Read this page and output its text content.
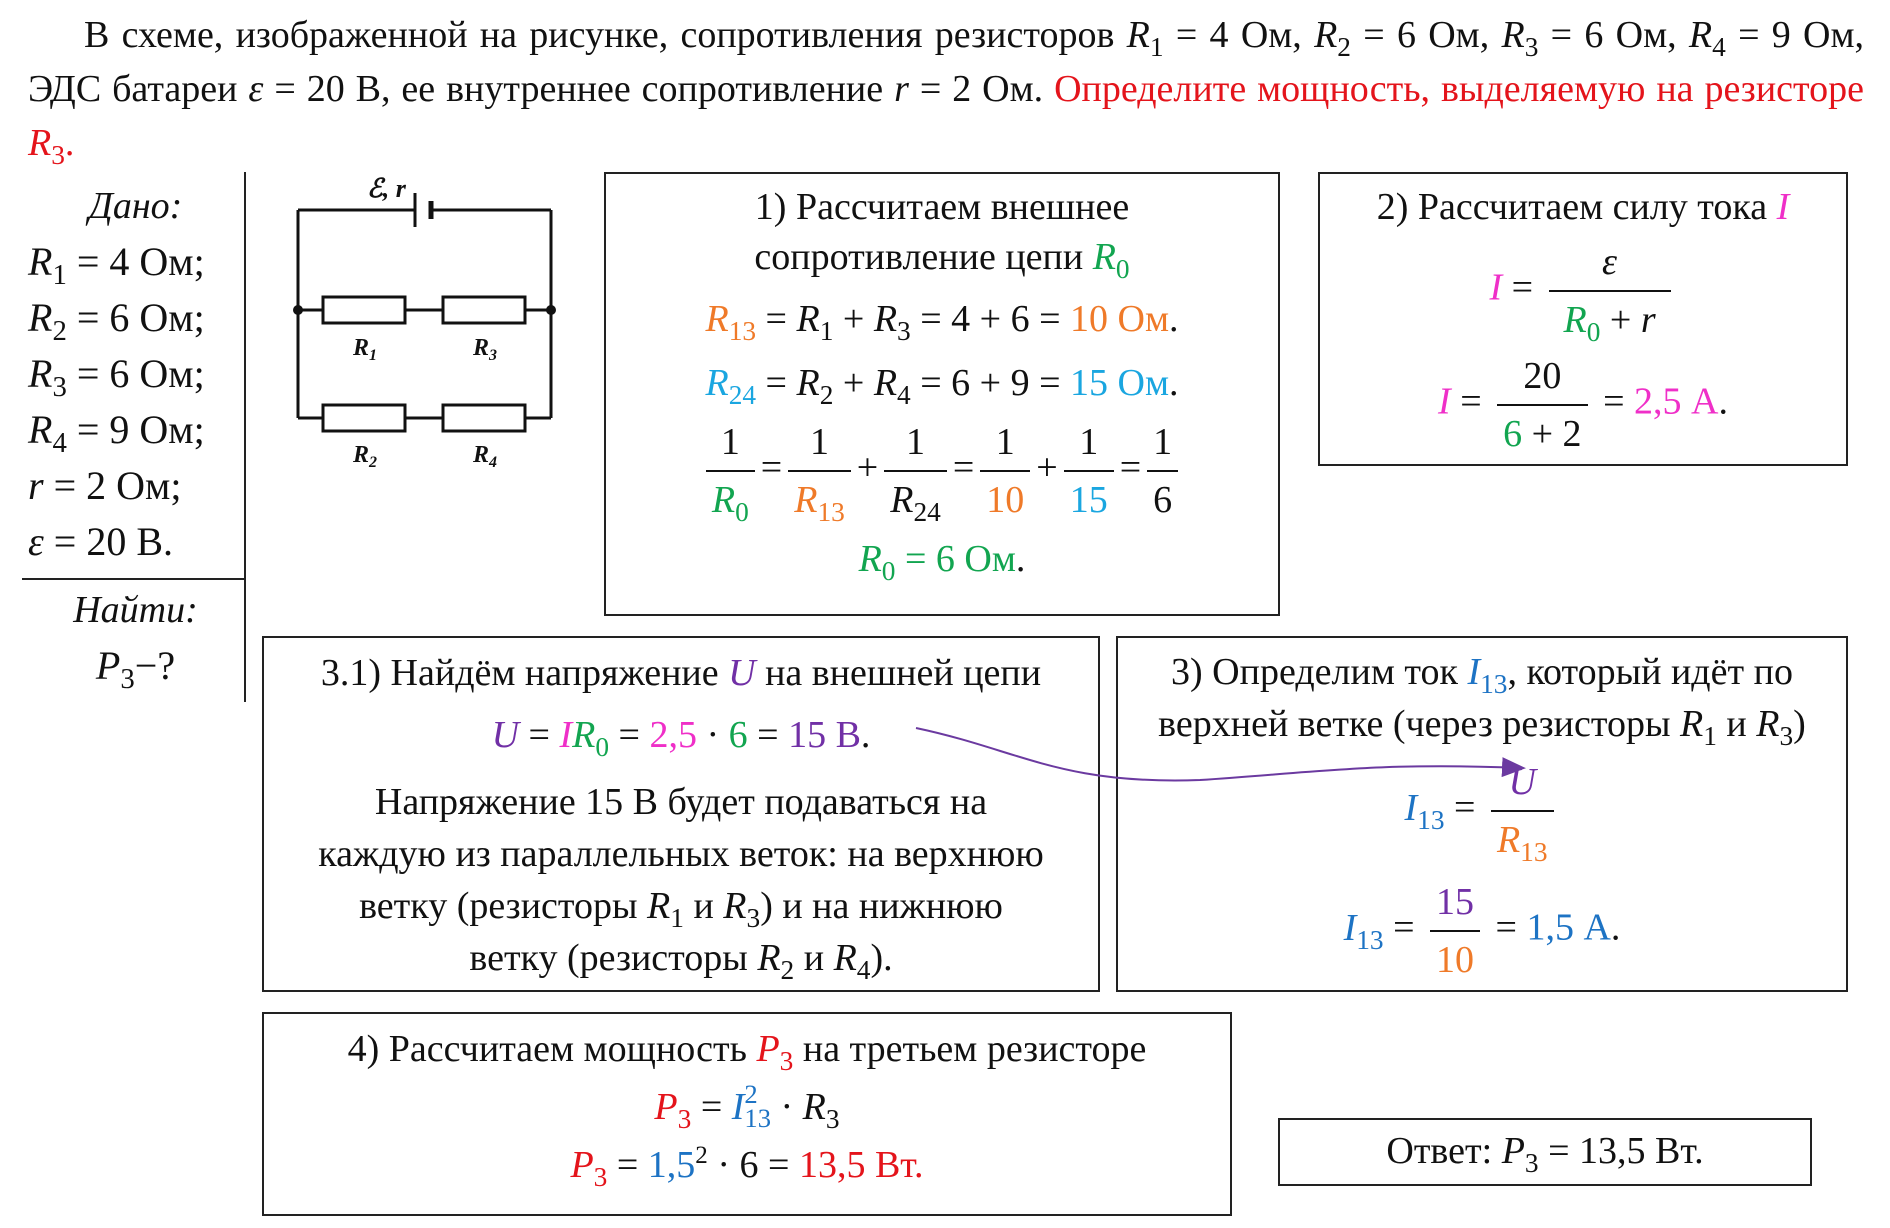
В схеме, изображенной на рисунке, сопротивления резисторов $R_1 = 4$ Ом, $R_2 = 6$ Ом, $R_3 = 6$ Ом, $R_4 = 9$ Ом, ЭДС батареи ε = 20 В, ее внутреннее сопротивление r = 2 Ом. Определите мощность, выделяемую на резисторе $R_3$.
Дано:
$R_1 = 4$ Ом;
$R_2 = 6$ Ом;
$R_3 = 6$ Ом;
$R_4 = 9$ Ом;
r = 2 Ом;
ε = 20 В.
Найти:
$P_3-$?
ℰ, r
$R_1$	$R_3$
$R_2$	$R_4$
1) Рассчитаем внешнее
сопротивление цепи $R_0$
$R_{13} = R_1 + R_3 = 4 + 6 = 10$ Ом.
$R_{24} = R_2 + R_4 = 6 + 9 = 15$ Ом.
$\frac{1}{R_0} = \frac{1}{R_{13}} + \frac{1}{R_{24}} = \frac{1}{10} + \frac{1}{15} = \frac{1}{6}$
$R_0 = 6$ Ом.
2) Рассчитаем силу тока I
$I = \frac{\varepsilon}{R_0 + r}$
$I = \frac{20}{6 + 2} = 2,5$ А.
3.1) Найдём напряжение U на внешней цепи
$U = IR_0 = 2,5 \cdot 6 = 15$ В.
Напряжение 15 В будет подаваться на
каждую из параллельных веток: на верхнюю
ветку (резисторы $R_1$ и $R_3$) и на нижнюю
ветку (резисторы $R_2$ и $R_4$).
3) Определим ток $I_{13}$, который идёт по
верхней ветке (через резисторы $R_1$ и $R_3$)
$I_{13} = \frac{U}{R_{13}}$
$I_{13} = \frac{15}{10} = 1,5$ А.
4) Рассчитаем мощность $P_3$ на третьем резисторе
$P_3 = I2$
$13 \cdot R_3$
$P_3 = 1,5^2 \cdot 6 = 13,5$ Вт.	Ответ: $P_3 = 13,5$ Вт.
